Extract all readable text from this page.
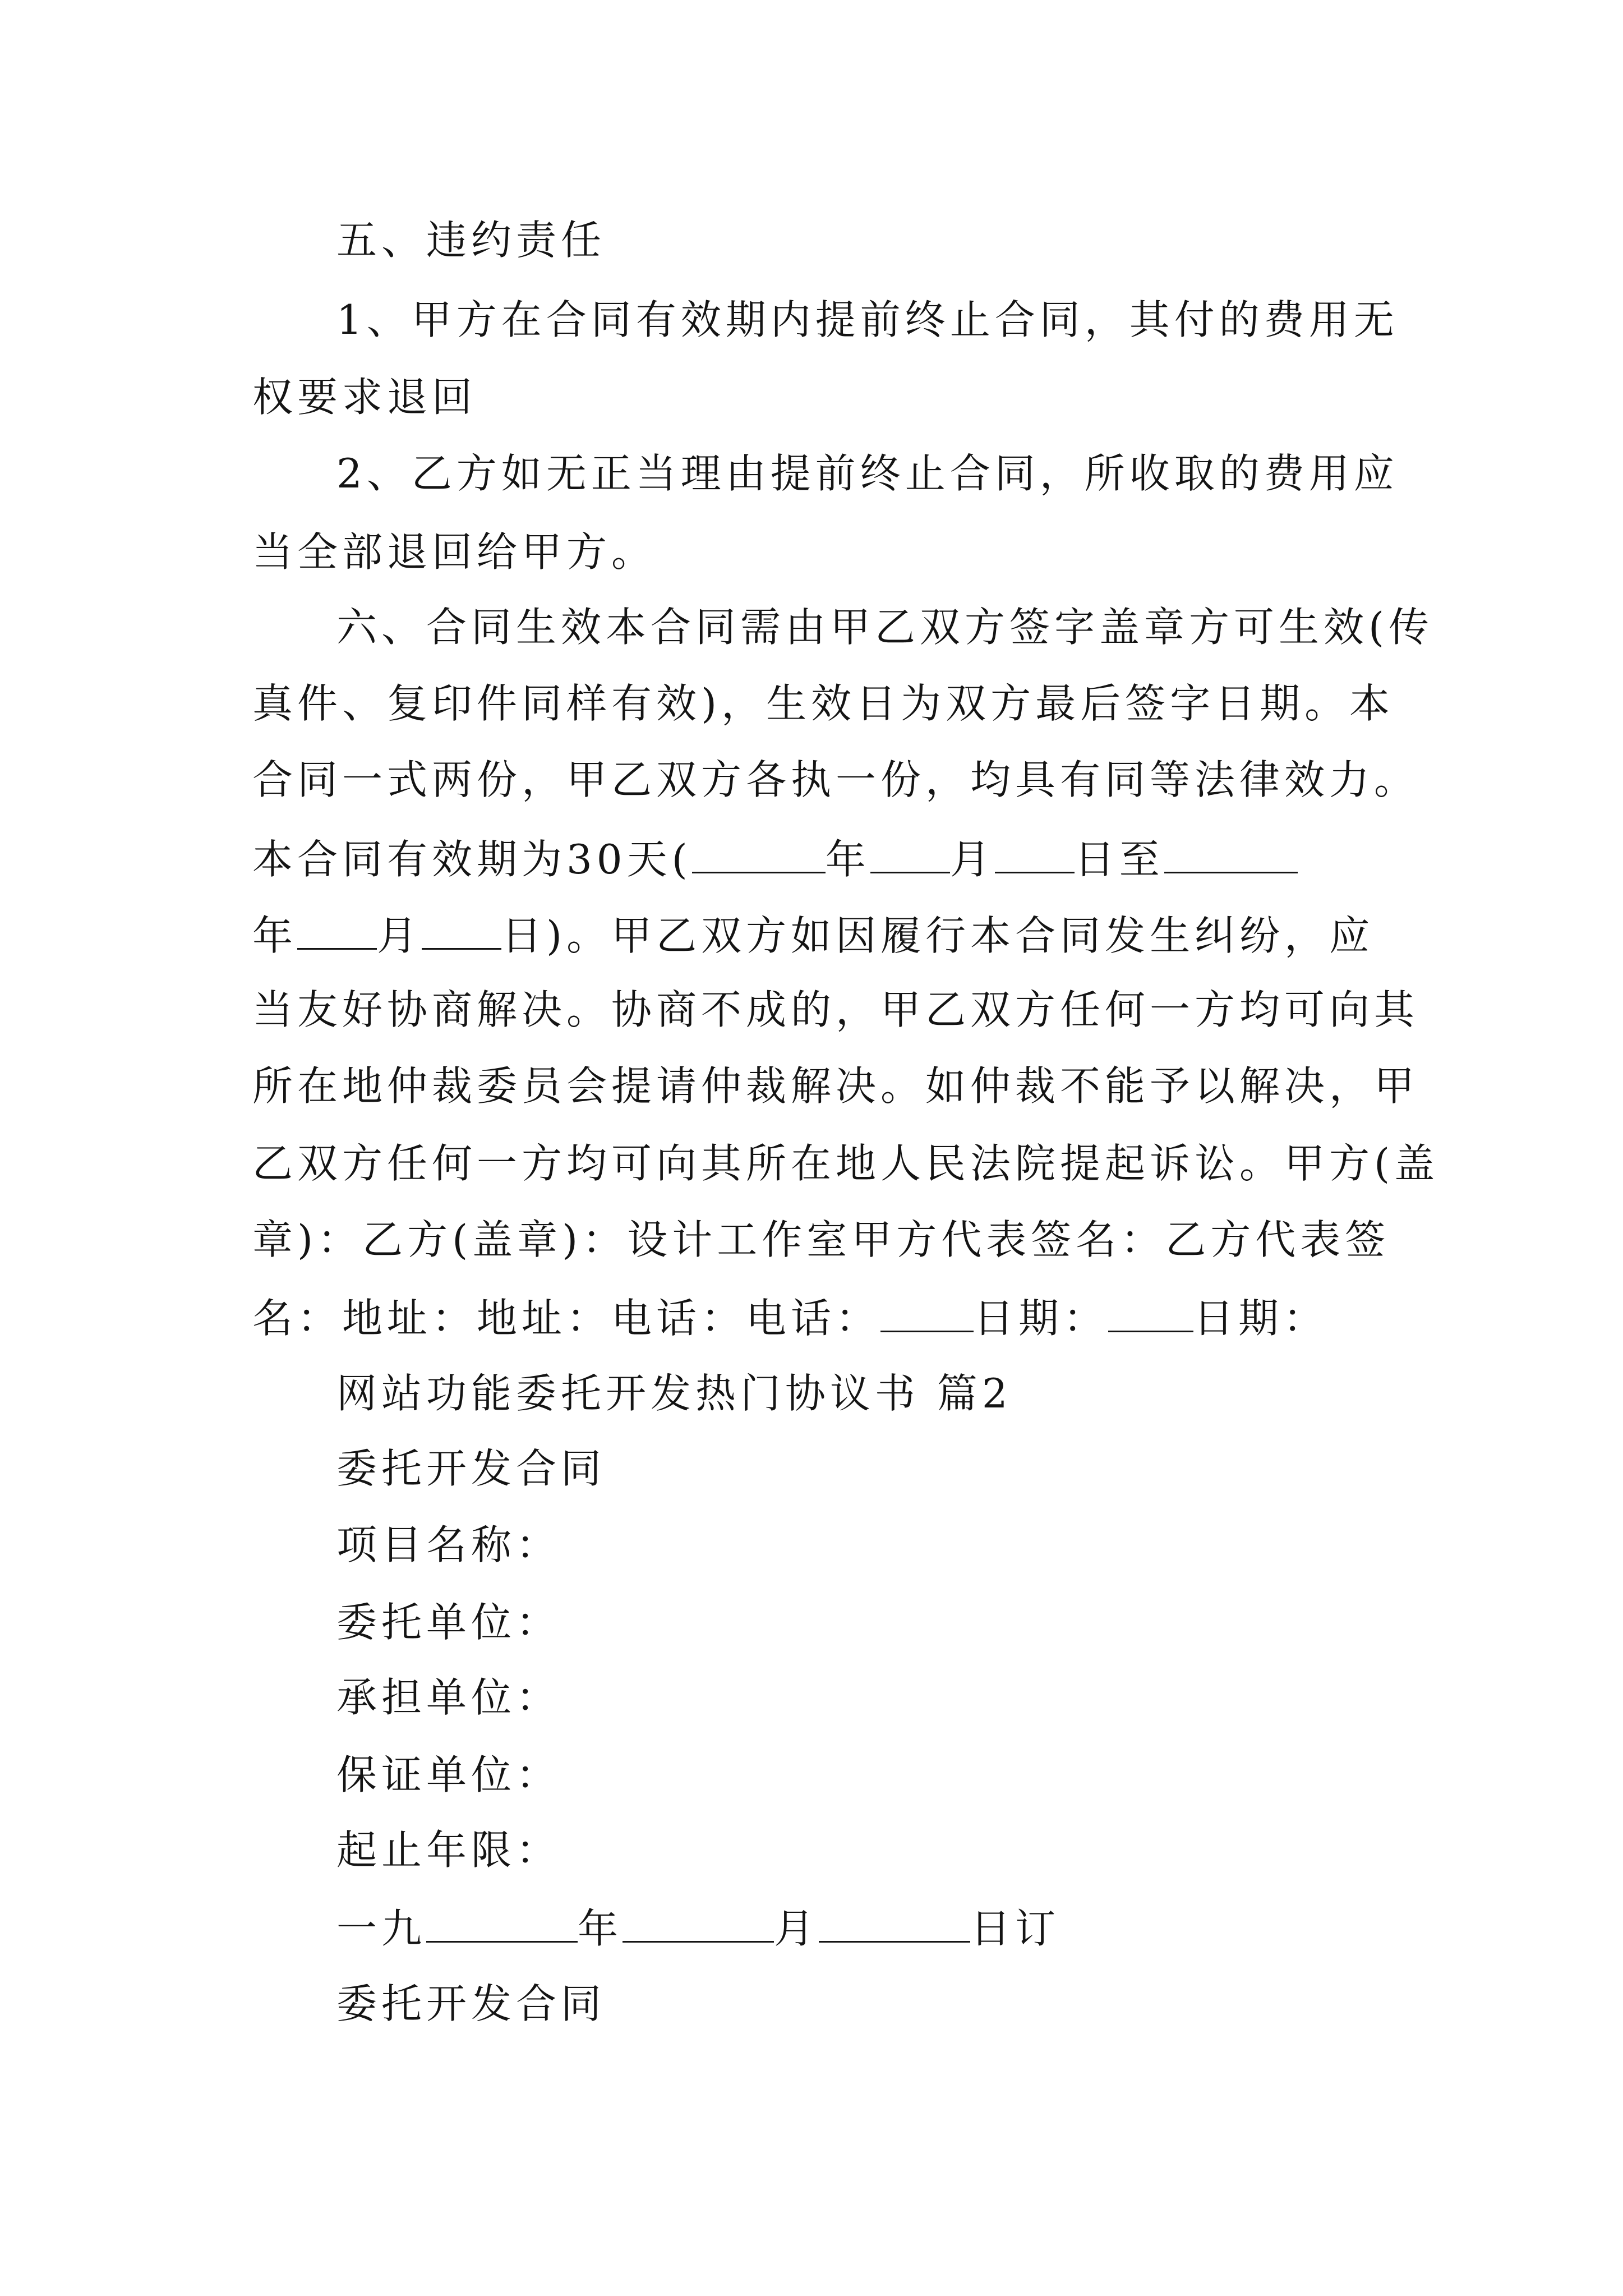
五、违约责任
1、甲方在合同有效期内提前终止合同，其付的费用无
权要求退回
2、乙方如无正当理由提前终止合同，所收取的费用应
当全部退回给甲方。
六、合同生效本合同需由甲乙双方签字盖章方可生效(传
真件、复印件同样有效)，生效日为双方最后签字日期。本
合同一式两份，甲乙双方各执一份，均具有同等法律效力。
本合同有效期为30天(	年 月 日至
年 月 日)。甲乙双方如因履行本合同发生纠纷，应
当友好协商解决。协商不成的，甲乙双方任何一方均可向其
所在地仲裁委员会提请仲裁解决。如仲裁不能予以解决，甲
乙双方任何一方均可向其所在地人民法院提起诉讼。甲方(盖
章)：乙方(盖章)：设计工作室甲方代表签名：乙方代表签
名：地址：地址：电话：电话： 日期： 日期：
网站功能委托开发热门协议书 篇2
委托开发合同
项目名称：
委托单位：
承担单位：
保证单位：
起止年限：
一九	年	月	日订
委托开发合同
